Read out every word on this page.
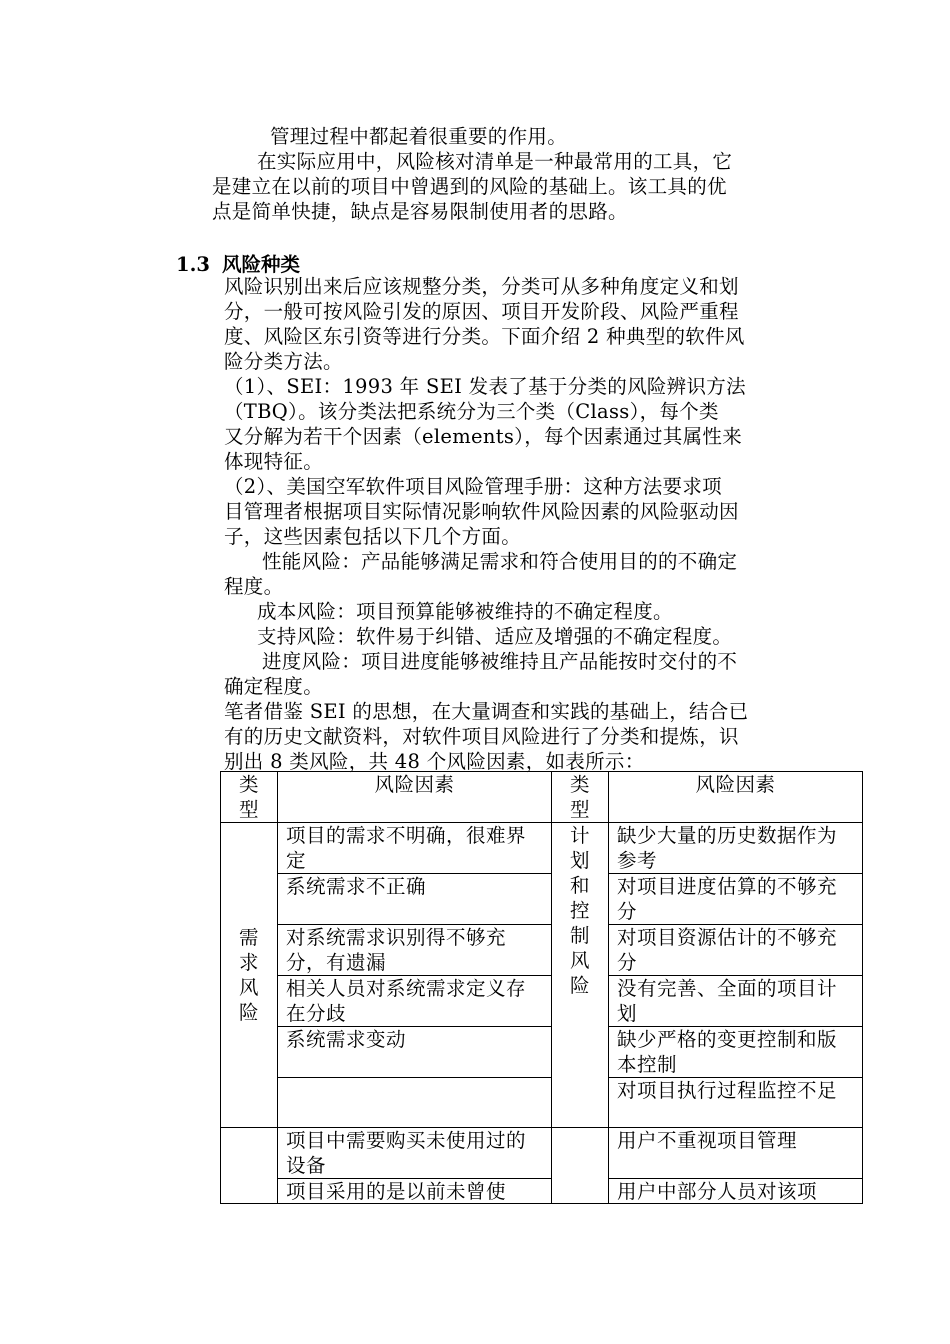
管理过程中都起着很重要的作用。
在实际应用中，风险核对清单是一种最常用的工具，它
是建立在以前的项目中曾遇到的风险的基础上。该工具的优
点是简单快捷，缺点是容易限制使用者的思路。
1.3 风险种类
风险识别出来后应该规整分类，分类可从多种角度定义和划
分，一般可按风险引发的原因、项目开发阶段、风险严重程
度、风险区东引资等进行分类。下面介绍 2 种典型的软件风
险分类方法。
（1）、SEI：1993 年 SEI 发表了基于分类的风险辨识方法
（TBQ）。该分类法把系统分为三个类（Class），每个类
又分解为若干个因素（elements），每个因素通过其属性来
体现特征。
（2）、美国空军软件项目风险管理手册：这种方法要求项
目管理者根据项目实际情况影响软件风险因素的风险驱动因
子，这些因素包括以下几个方面。
性能风险：产品能够满足需求和符合使用目的的不确定
程度。
成本风险：项目预算能够被维持的不确定程度。
支持风险：软件易于纠错、适应及增强的不确定程度。
进度风险：项目进度能够被维持且产品能按时交付的不
确定程度。
笔者借鉴 SEI 的思想，在大量调查和实践的基础上，结合已
有的历史文献资料，对软件项目风险进行了分类和提炼，识
别出 8 类风险，共 48 个风险因素，如表所示：
类型	风险因素	类型	风险因素
需求风险	项目的需求不明确，很难界定	计划和控制风险	缺少大量的历史数据作为参考
	系统需求不正确		对项目进度估算的不够充分
	对系统需求识别得不够充分，有遗漏		对项目资源估计的不够充分
	相关人员对系统需求定义存在分歧		没有完善、全面的项目计划
	系统需求变动		缺少严格的变更控制和版本控制
			对项目执行过程监控不足
	项目中需要购买未使用过的设备		用户不重视项目管理

	项目采用的是以前未曾使		用户中部分人员对该项
